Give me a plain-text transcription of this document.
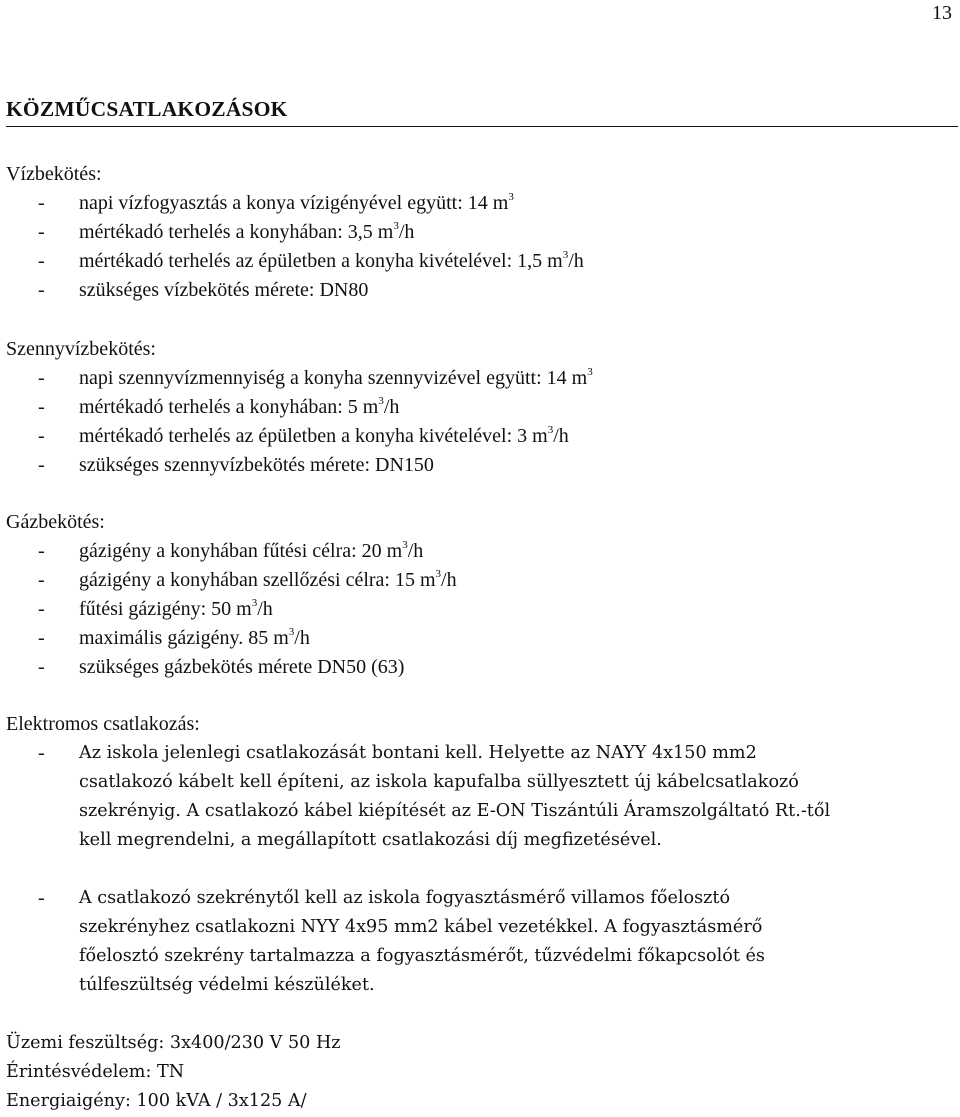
13
KÖZMŰCSATLAKOZÁSOK
Vízbekötés:
- napi vízfogyasztás a konya vízigényével együtt: 14 $m^3$
- mértékadó terhelés a konyhában: 3,5 $m^3/h$
- mértékadó terhelés az épületben a konyha kivételével: 1,5 $m^3/h$
- szükséges vízbekötés mérete: DN80
Szennyvízbekötés:
- napi szennyvízmennyiség a konyha szennyvizével együtt: 14 $m^3$
- mértékadó terhelés a konyhában: 5 $m^3/h$
- mértékadó terhelés az épületben a konyha kivételével: 3 $m^3/h$
- szükséges szennyvízbekötés mérete: DN150
Gázbekötés:
- gázigény a konyhában fűtési célra: 20 $m^3/h$
- gázigény a konyhában szellőzési célra: 15 $m^3/h$
- fűtési gázigény: 50 $m^3/h$
- maximális gázigény. 85 $m^3/h$
- szükséges gázbekötés mérete DN50 (63)
Elektromos csatlakozás:
- Az iskola jelenlegi csatlakozását bontani kell. Helyette az NAYY 4x150 mm2
csatlakozó kábelt kell építeni, az iskola kapufalba süllyesztett új kábelcsatlakozó
szekrényig. A csatlakozó kábel kiépítését az E-ON Tiszántúli Áramszolgáltató Rt.-től
kell megrendelni, a megállapított csatlakozási díj megfizetésével.
- A csatlakozó szekrénytől kell az iskola fogyasztásmérő villamos főelosztó
szekrényhez csatlakozni NYY 4x95 mm2 kábel vezetékkel. A fogyasztásmérő
főelosztó szekrény tartalmazza a fogyasztásmérőt, tűzvédelmi főkapcsolót és
túlfeszültség védelmi készüléket.
Üzemi feszültség: 3x400/230 V 50 Hz
Érintésvédelem: TN
Energiaigény: 100 kVA / 3x125 A/
